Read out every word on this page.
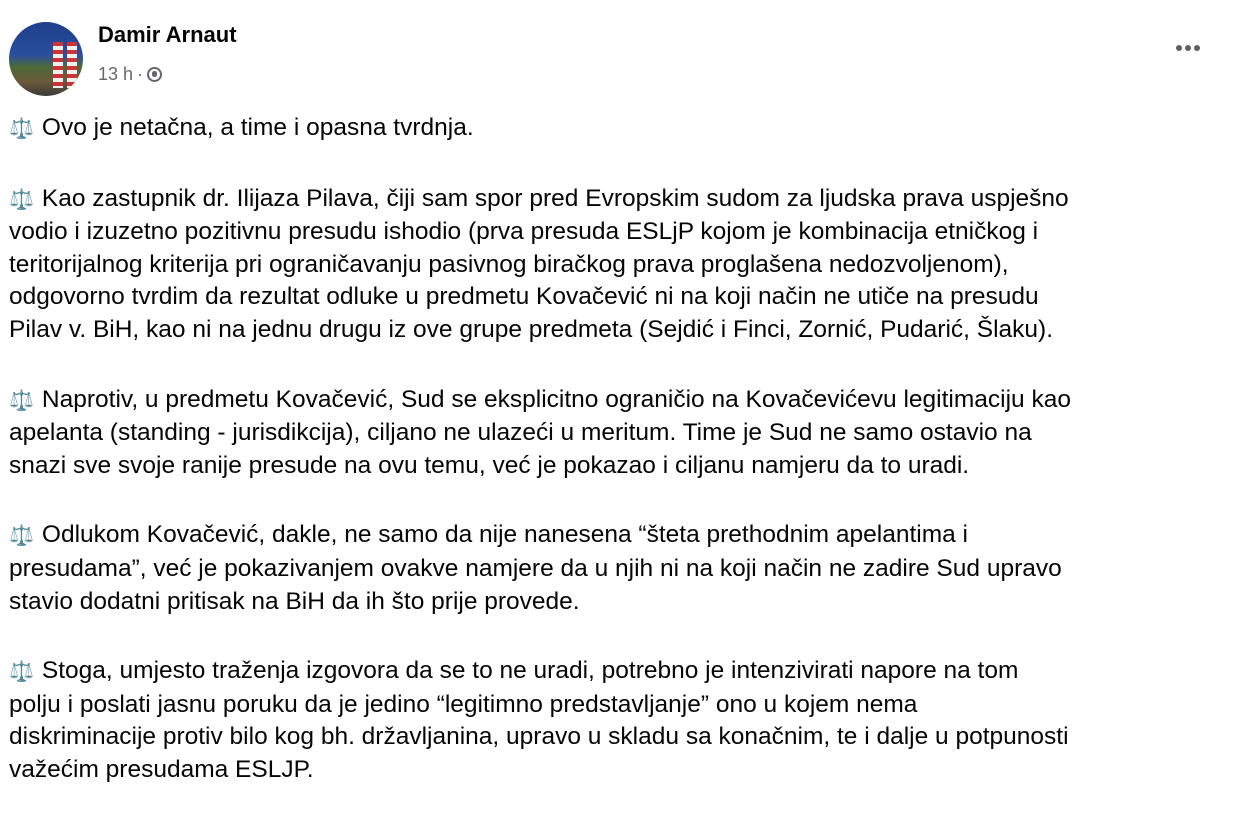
Damir Arnaut
13 h ·
⚖️ Ovo je netačna, a time i opasna tvrdnja.
⚖️ Kao zastupnik dr. Ilijaza Pilava, čiji sam spor pred Evropskim sudom za ljudska prava uspješno
vodio i izuzetno pozitivnu presudu ishodio (prva presuda ESLjP kojom je kombinacija etničkog i
teritorijalnog kriterija pri ograničavanju pasivnog biračkog prava proglašena nedozvoljenom),
odgovorno tvrdim da rezultat odluke u predmetu Kovačević ni na koji način ne utiče na presudu
Pilav v. BiH, kao ni na jednu drugu iz ove grupe predmeta (Sejdić i Finci, Zornić, Pudarić, Šlaku).
⚖️ Naprotiv, u predmetu Kovačević, Sud se eksplicitno ograničio na Kovačevićevu legitimaciju kao
apelanta (standing - jurisdikcija), ciljano ne ulazeći u meritum. Time je Sud ne samo ostavio na
snazi sve svoje ranije presude na ovu temu, već je pokazao i ciljanu namjeru da to uradi.
⚖️ Odlukom Kovačević, dakle, ne samo da nije nanesena “šteta prethodnim apelantima i
presudama”, već je pokazivanjem ovakve namjere da u njih ni na koji način ne zadire Sud upravo
stavio dodatni pritisak na BiH da ih što prije provede.
⚖️ Stoga, umjesto traženja izgovora da se to ne uradi, potrebno je intenzivirati napore na tom
polju i poslati jasnu poruku da je jedino “legitimno predstavljanje” ono u kojem nema
diskriminacije protiv bilo kog bh. državljanina, upravo u skladu sa konačnim, te i dalje u potpunosti
važećim presudama ESLJP.
